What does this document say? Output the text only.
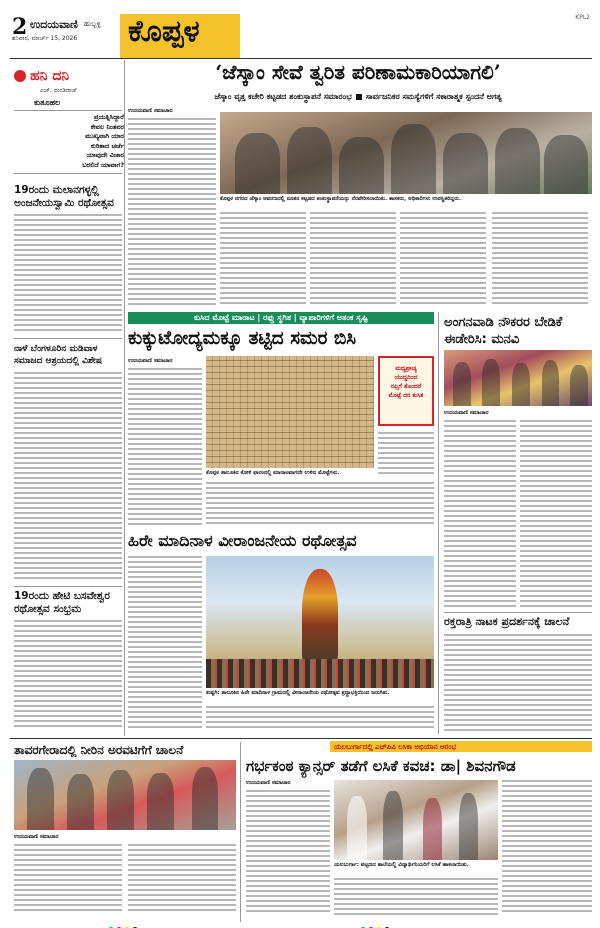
2 ಉದಯವಾಣಿ ಹುಬ್ಬಳ್ಳಿ
ಶನಿವಾರ, ಮಾರ್ಚ್ 15, 2026 ಕೊಪ್ಪಳ	KPL2
ಹನಿ ದನಿ
ಎಚ್. ದುಂಡಿರಾಜ್
ಕುತೂಹಲ
ಪ್ರಯತ್ನಿಸಿದ್ದಾರೆ
ಕೇವಲ ನಿಂತವರ
ಮುಖ್ಯವಾಗಿ ಯಾರ
ಕುರಿತಾದ ಚರ್ಚೆ
ಯಾವುದೇ ವಿಚಾರ
ಬರಲಿದೆ ಯಾವಾಗ?
19ರಂದು ಮಲಾನಗಳ್ಳಲ್ಲಿ ಅಂಜನೇಯಸ್ವಾಮಿ ರಥೋತ್ಸವ
ನಾಳೆ ಬೆಂಗಳೂರಿನ ಮಡಿವಾಳ ಸಮಾಜದ ಆಶ್ರಯದಲ್ಲಿ ವಿಶೇಷ
19ರಂದು ಹೇಟಿ ಬಸವೇಶ್ವರ ರಥೋತ್ಸವ ಸಂಭ್ರಮ
‘ಜೆಸ್ಕಾಂ ಸೇವೆ ತ್ವರಿತ ಪರಿಣಾಮಕಾರಿಯಾಗಲಿ’
ಜೆಸ್ಕಾಂ ವೃತ್ತ ಕಚೇರಿ ಕಟ್ಟಡದ ಶಂಕುಸ್ಥಾಪನೆ ಸಮಾರಂಭ ಸಾರ್ವಜನಿಕರ ಸಮಸ್ಯೆಗಳಿಗೆ ಸಕಾರಾತ್ಮಕ ಸ್ಪಂದನೆ ಅಗತ್ಯ
ಉದಯವಾಣಿ ಸಮಾಚಾರ
ಕೊಪ್ಪಳ ನಗರದ ಜೆಸ್ಕಾಂ ಆವರಣದಲ್ಲಿ ನೂತನ ಕಟ್ಟಡದ ಶಂಕುಸ್ಥಾಪನೆಯನ್ನು ನೆರವೇರಿಸಲಾಯಿತು. ಶಾಸಕರು, ಅಧಿಕಾರಿಗಳು ಉಪಸ್ಥಿತರಿದ್ದರು.
ಕುಸಿದ ಮೊಟ್ಟೆ ಮಾರಾಟ | ರಫ್ತು ಸ್ಥಗಿತ | ವ್ಯಾಪಾರಿಗಳಿಗೆ ಆತಂಕ ಸೃಷ್ಟಿ
ಕುಕ್ಕುಟೋದ್ಯಮಕ್ಕೂ ತಟ್ಟಿದ ಸಮರ ಬಿಸಿ
ಮಧ್ಯಪ್ರಾಚ್ಯ
ಯುದ್ಧದಿಂದ
ರಫ್ತಿಗೆ ತೊಂದರೆ
ಮೊಟ್ಟೆ ದರ ಕುಸಿತ
ಕೊಪ್ಪಳ ತಾಲೂಕಿನ ಕೋಳಿ ಫಾರಂನಲ್ಲಿ ಮಾರಾಟವಾಗದೇ ಉಳಿದ ಮೊಟ್ಟೆಗಳು.
ಉದಯವಾಣಿ ಸಮಾಚಾರ
ಹಿರೇ ಮಾದಿನಾಳ ವೀರಾಂಜನೇಯ ರಥೋತ್ಸವ
ಕುಷ್ಟಗಿ: ತಾಲೂಕಿನ ಹಿರೇ ಮಾದಿನಾಳ ಗ್ರಾಮದಲ್ಲಿ ವೀರಾಂಜನೇಯ ರಥೋತ್ಸವ ಶ್ರದ್ಧಾಭಕ್ತಿಯಿಂದ ಜರುಗಿತು.
ಅಂಗನವಾಡಿ ನೌಕರರ ಬೇಡಿಕೆ ಈಡೇರಿಸಿ: ಮನವಿ
ಉದಯವಾಣಿ ಸಮಾಚಾರ
ರಕ್ತರಾತ್ರಿ ನಾಟಕ ಪ್ರದರ್ಶನಕ್ಕೆ ಚಾಲನೆ
ತಾವರಗೇರಾದಲ್ಲಿ ನೀರಿನ ಅರವಟಿಗೆಗೆ ಚಾಲನೆ
ಉದಯವಾಣಿ ಸಮಾಚಾರ
ಯಲಬುರ್ಗಾದಲ್ಲಿ ಎಚ್‌ಪಿವಿ ಲಸಿಕಾ ಅಭಿಯಾನ ಆರಂಭ
ಗರ್ಭಕಂಠ ಕ್ಯಾನ್ಸರ್ ತಡೆಗೆ ಲಸಿಕೆ ಕವಚ: ಡಾ| ಶಿವನಗೌಡ
ಉದಯವಾಣಿ ಸಮಾಚಾರ
ಯಲಬುರ್ಗಾ: ಪಟ್ಟಣದ ಶಾಲೆಯಲ್ಲಿ ವಿದ್ಯಾರ್ಥಿನಿಯರಿಗೆ ಲಸಿಕೆ ಹಾಕಲಾಯಿತು.
